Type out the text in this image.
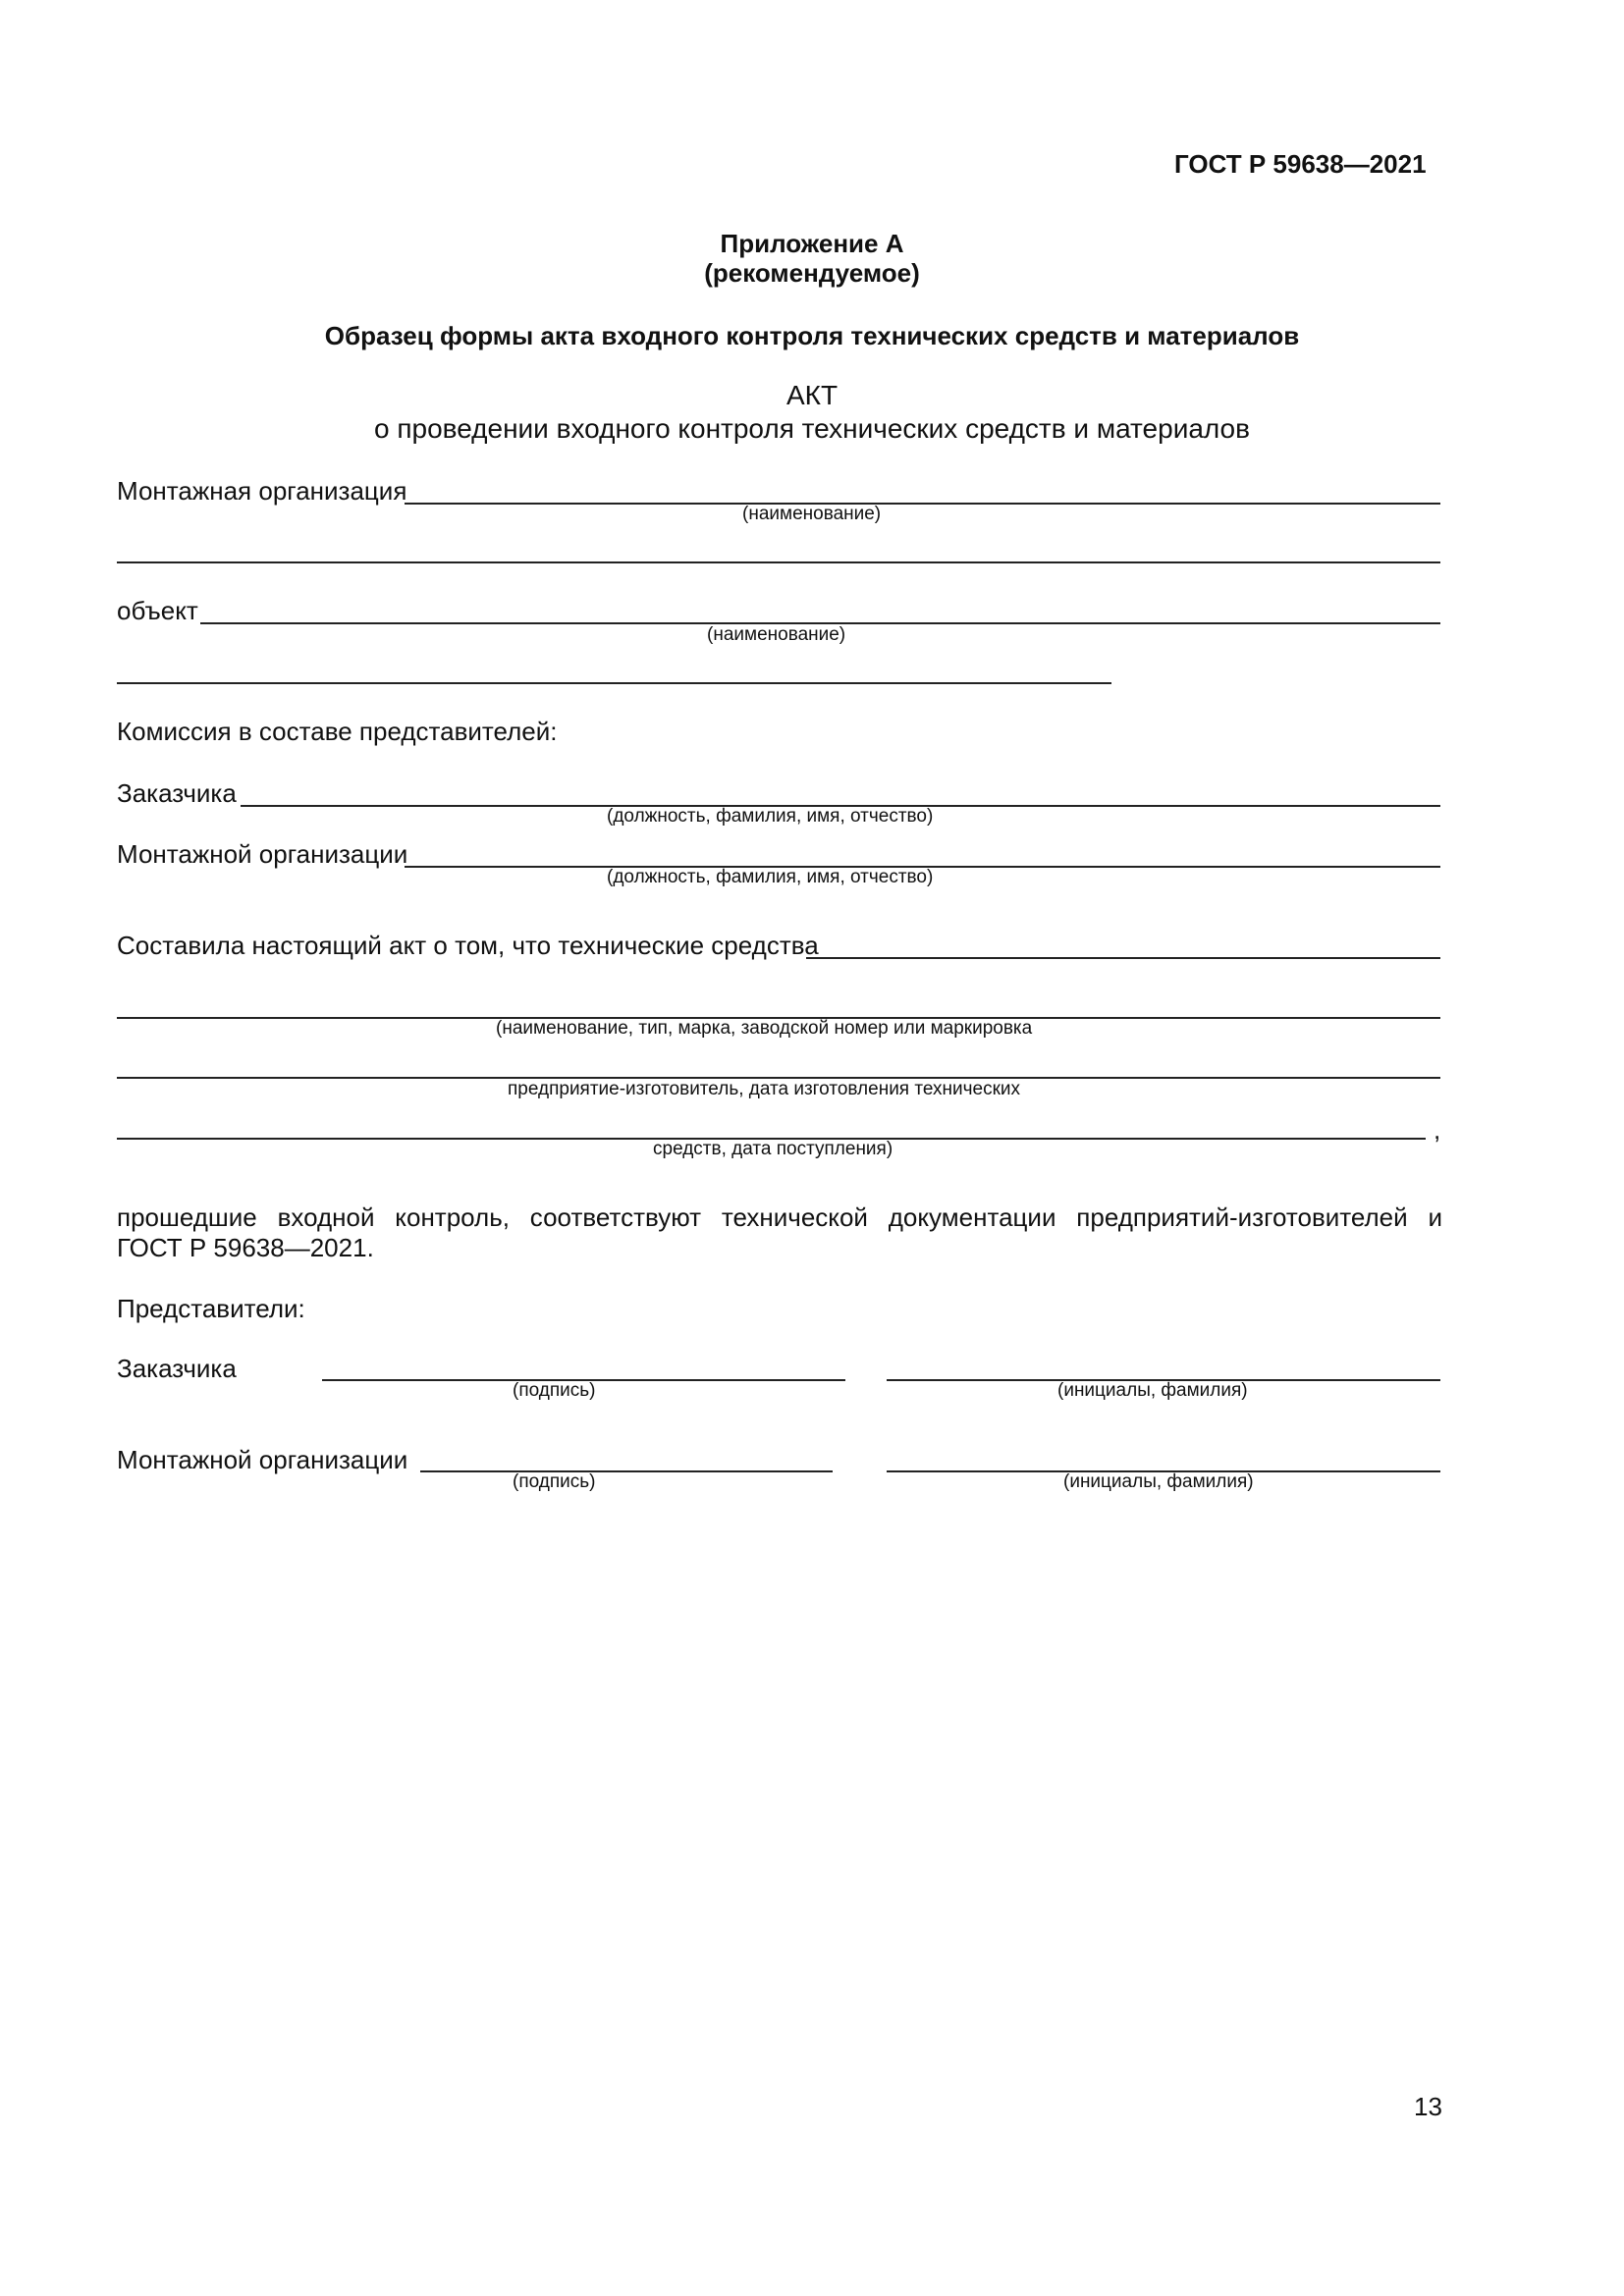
ГОСТ Р 59638—2021
Приложение А
(рекомендуемое)
Образец формы акта входного контроля технических средств и материалов
АКТ
о проведении входного контроля технических средств и материалов
Монтажная организация
(наименование)
объект
(наименование)
Комиссия в составе представителей:
Заказчика
(должность, фамилия, имя, отчество)
Монтажной организации
(должность, фамилия, имя, отчество)
Составила настоящий акт о том, что технические средства
(наименование, тип, марка, заводской номер или маркировка
предприятие-изготовитель, дата изготовления технических
,
средств, дата поступления)
прошедшие входной контроль, соответствуют технической документации предприятий-изготовителей и
ГОСТ Р 59638—2021.
Представители:
Заказчика
(подпись)	(инициалы, фамилия)
Монтажной организации
(подпись)	(инициалы, фамилия)
13
